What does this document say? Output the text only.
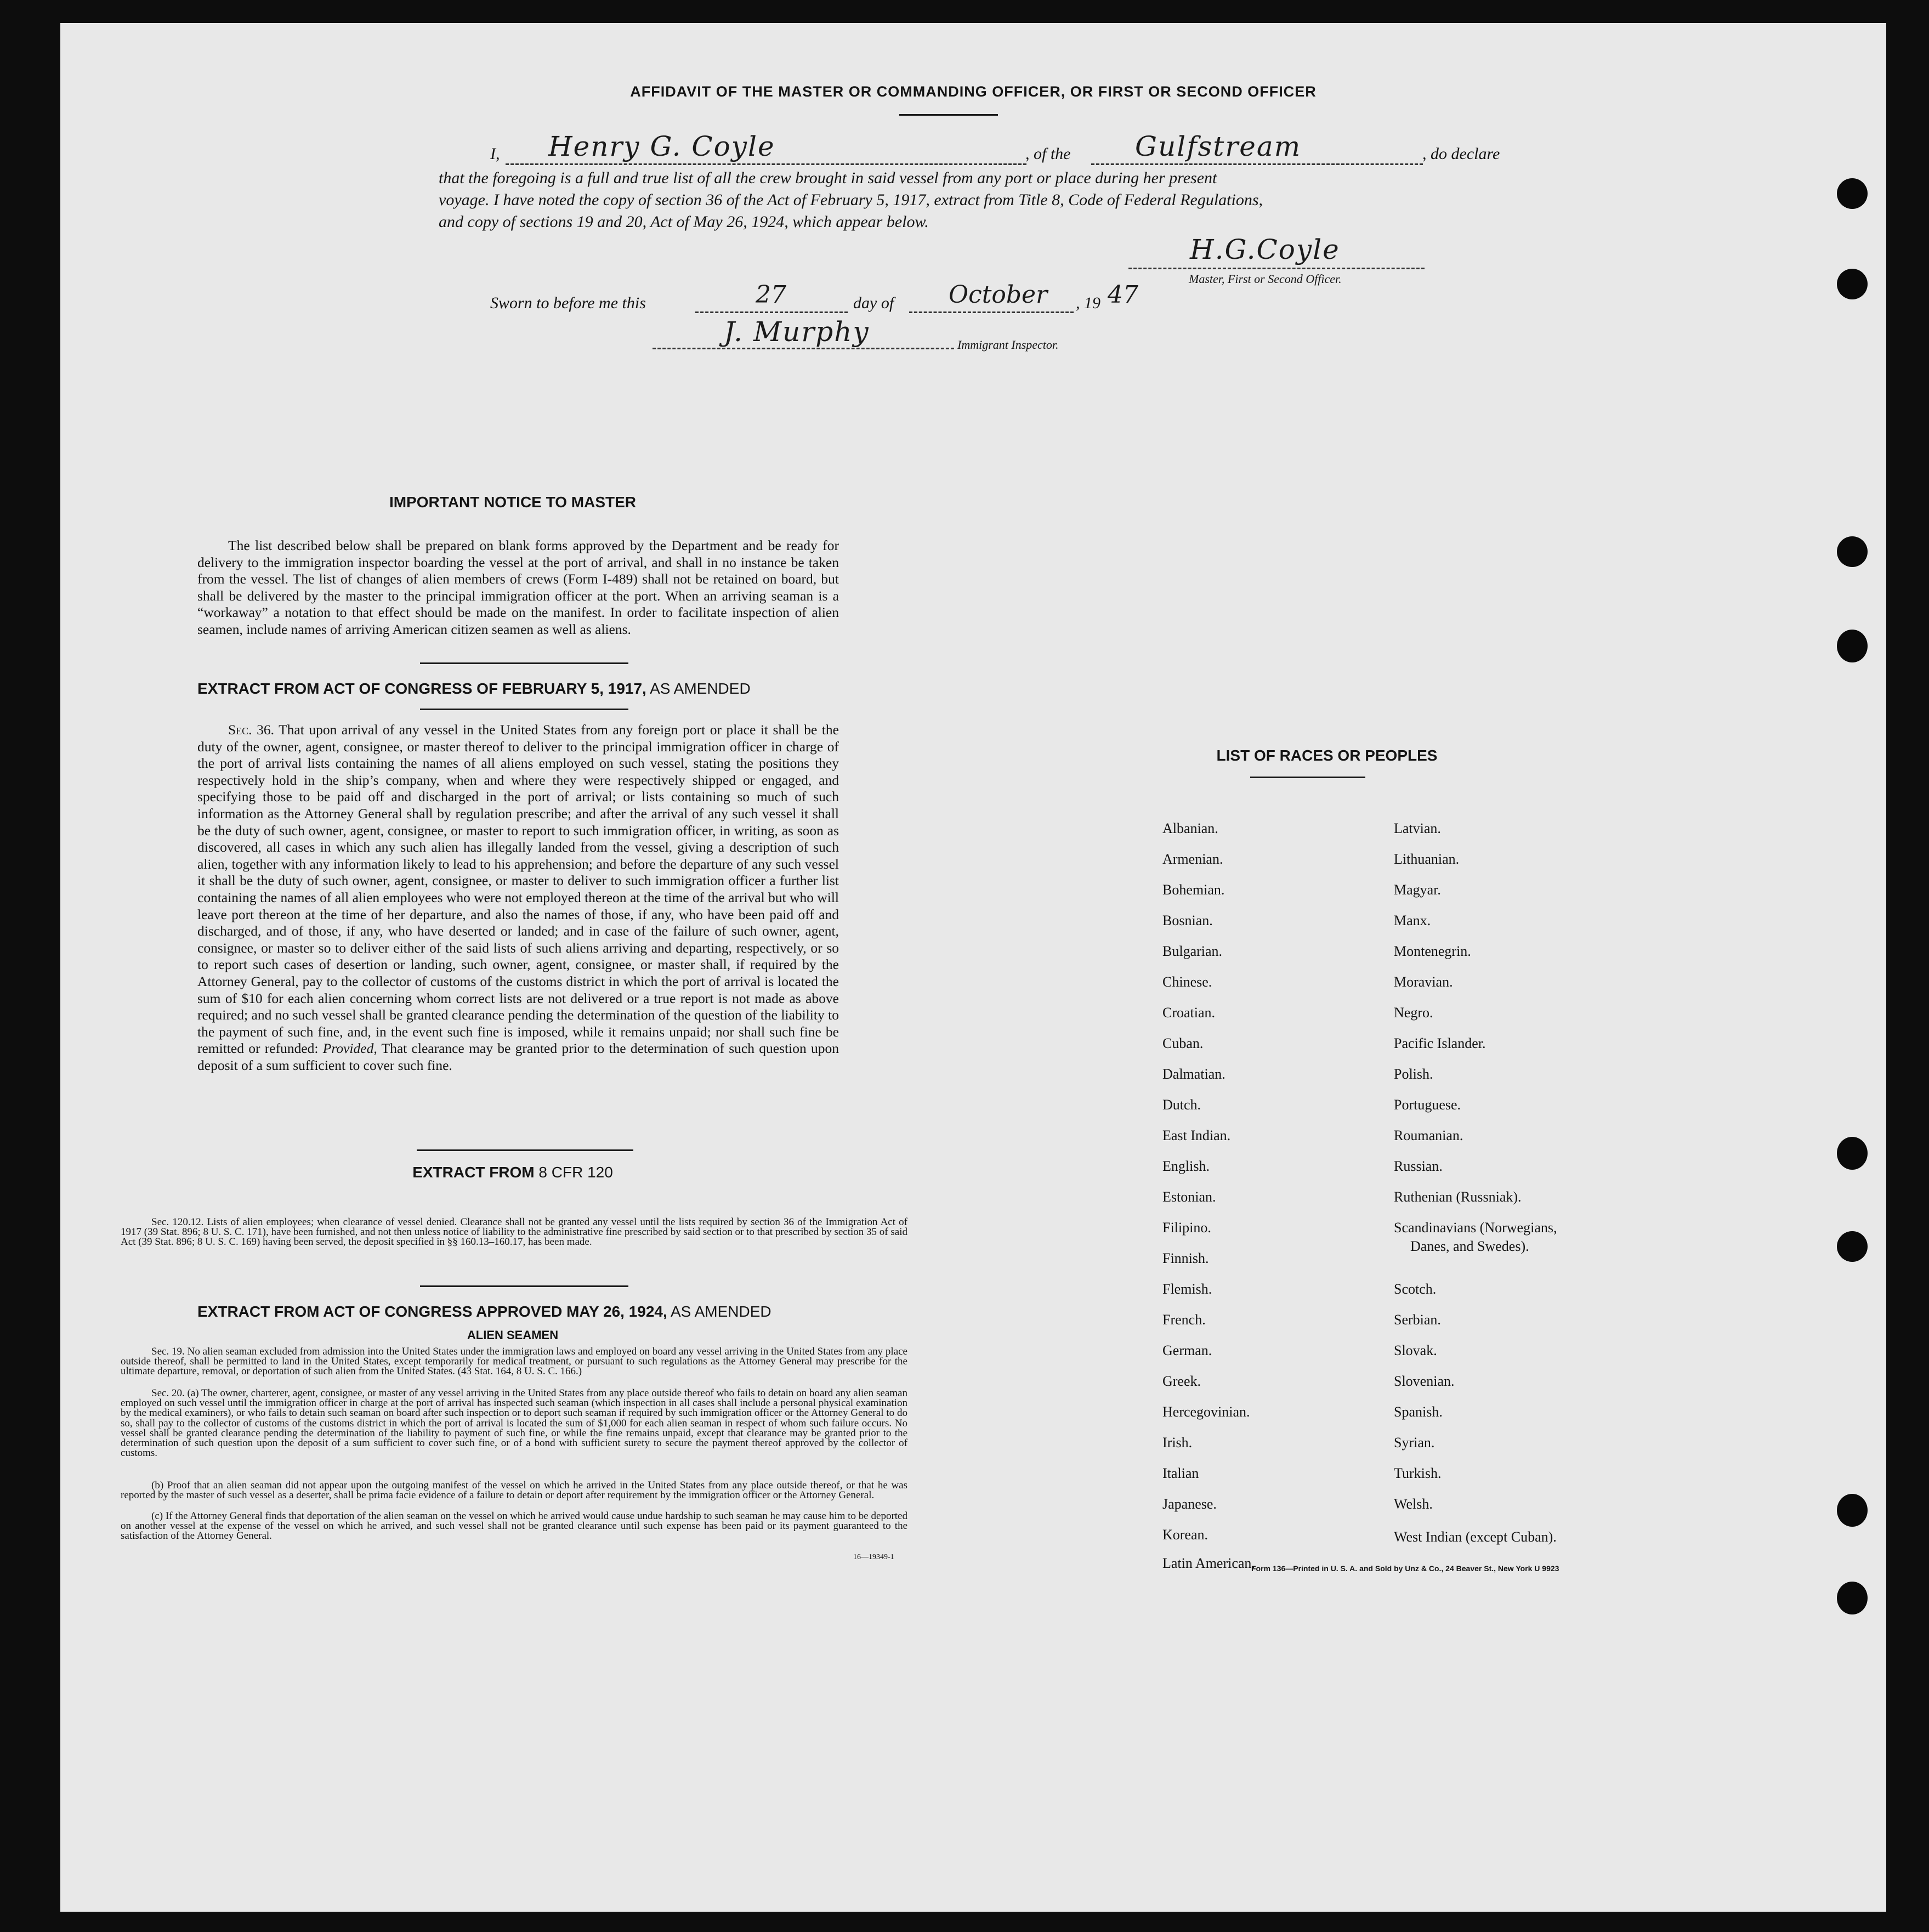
AFFIDAVIT OF THE MASTER OR COMMANDING OFFICER, OR FIRST OR SECOND OFFICER
I, Henry G. Coyle	, of the Gulfstream	, do declare
that the foregoing is a full and true list of all the crew brought in said vessel from any port or place during her present
voyage. I have noted the copy of section 36 of the Act of February 5, 1917, extract from Title 8, Code of Federal Regulations,
and copy of sections 19 and 20, Act of May 26, 1924, which appear below.
H.G.Coyle
Master, First or Second Officer.
Sworn to before me this	27	day of October , 19 47
J. Murphy	Immigrant Inspector.
IMPORTANT NOTICE TO MASTER
The list described below shall be prepared on blank forms approved by the Department and be ready for delivery to the immigration inspector boarding the vessel at the port of arrival, and shall in no instance be taken from the vessel. The list of changes of alien members of crews (Form I-489) shall not be retained on board, but shall be delivered by the master to the principal immigration officer at the port. When an arriving seaman is a “workaway” a notation to that effect should be made on the manifest. In order to facilitate inspection of alien seamen, include names of arriving American citizen seamen as well as aliens.
EXTRACT FROM ACT OF CONGRESS OF FEBRUARY 5, 1917, AS AMENDED
Sec. 36. That upon arrival of any vessel in the United States from any foreign port or place it shall be the duty of the owner, agent, consignee, or master thereof to deliver to the principal immigration officer in charge of the port of arrival lists containing the names of all aliens employed on such vessel, stating the positions they respectively hold in the ship’s company, when and where they were respectively shipped or engaged, and specifying those to be paid off and discharged in the port of arrival; or lists containing so much of such information as the Attorney General shall by regulation prescribe; and after the arrival of any such vessel it shall be the duty of such owner, agent, consignee, or master to report to such immigration officer, in writing, as soon as discovered, all cases in which any such alien has illegally landed from the vessel, giving a description of such alien, together with any information likely to lead to his apprehension; and before the departure of any such vessel it shall be the duty of such owner, agent, consignee, or master to deliver to such immigration officer a further list containing the names of all alien employees who were not employed thereon at the time of the arrival but who will leave port thereon at the time of her departure, and also the names of those, if any, who have been paid off and discharged, and of those, if any, who have deserted or landed; and in case of the failure of such owner, agent, consignee, or master so to deliver either of the said lists of such aliens arriving and departing, respectively, or so to report such cases of desertion or landing, such owner, agent, consignee, or master shall, if required by the Attorney General, pay to the collector of customs of the customs district in which the port of arrival is located the sum of $10 for each alien concerning whom correct lists are not delivered or a true report is not made as above required; and no such vessel shall be granted clearance pending the determination of the question of the liability to the payment of such fine, and, in the event such fine is imposed, while it remains unpaid; nor shall such fine be remitted or refunded: Provided, That clearance may be granted prior to the determination of such question upon deposit of a sum sufficient to cover such fine.
EXTRACT FROM 8 CFR 120
Sec. 120.12. Lists of alien employees; when clearance of vessel denied. Clearance shall not be granted any vessel until the lists required by section 36 of the Immigration Act of 1917 (39 Stat. 896; 8 U. S. C. 171), have been furnished, and not then unless notice of liability to the administrative fine prescribed by said section or to that prescribed by section 35 of said Act (39 Stat. 896; 8 U. S. C. 169) having been served, the deposit specified in §§ 160.13–160.17, has been made.
EXTRACT FROM ACT OF CONGRESS APPROVED MAY 26, 1924, AS AMENDED
ALIEN SEAMEN
Sec. 19. No alien seaman excluded from admission into the United States under the immigration laws and employed on board any vessel arriving in the United States from any place outside thereof, shall be permitted to land in the United States, except temporarily for medical treatment, or pursuant to such regulations as the Attorney General may prescribe for the ultimate departure, removal, or deportation of such alien from the United States. (43 Stat. 164, 8 U. S. C. 166.)
Sec. 20. (a) The owner, charterer, agent, consignee, or master of any vessel arriving in the United States from any place outside thereof who fails to detain on board any alien seaman employed on such vessel until the immigration officer in charge at the port of arrival has inspected such seaman (which inspection in all cases shall include a personal physical examination by the medical examiners), or who fails to detain such seaman on board after such inspection or to deport such seaman if required by such immigration officer or the Attorney General to do so, shall pay to the collector of customs of the customs district in which the port of arrival is located the sum of $1,000 for each alien seaman in respect of whom such failure occurs. No vessel shall be granted clearance pending the determination of the liability to payment of such fine, or while the fine remains unpaid, except that clearance may be granted prior to the determination of such question upon the deposit of a sum sufficient to cover such fine, or of a bond with sufficient surety to secure the payment thereof approved by the collector of customs.
(b) Proof that an alien seaman did not appear upon the outgoing manifest of the vessel on which he arrived in the United States from any place outside thereof, or that he was reported by the master of such vessel as a deserter, shall be prima facie evidence of a failure to detain or deport after requirement by the immigration officer or the Attorney General.
(c) If the Attorney General finds that deportation of the alien seaman on the vessel on which he arrived would cause undue hardship to such seaman he may cause him to be deported on another vessel at the expense of the vessel on which he arrived, and such vessel shall not be granted clearance until such expense has been paid or its payment guaranteed to the satisfaction of the Attorney General.
16—19349-1
LIST OF RACES OR PEOPLES
Form 136—Printed in U. S. A. and Sold by Unz & Co., 24 Beaver St., New York U 9923
Albanian.
Armenian.
Bohemian.
Bosnian.
Bulgarian.
Chinese.
Croatian.
Cuban.
Dalmatian.
Dutch.
East Indian.
English.
Estonian.
Filipino.
Finnish.
Flemish.
French.
German.
Greek.
Hercegovinian.
Irish.
Italian
Japanese.
Korean.
Latin American.
Latvian.
Lithuanian.
Magyar.
Manx.
Montenegrin.
Moravian.
Negro.
Pacific Islander.
Polish.
Portuguese.
Roumanian.
Russian.
Ruthenian (Russniak).
Scandinavians (Norwegians,
Danes, and Swedes).
Scotch.
Serbian.
Slovak.
Slovenian.
Spanish.
Syrian.
Turkish.
Welsh.
West Indian (except Cuban).
